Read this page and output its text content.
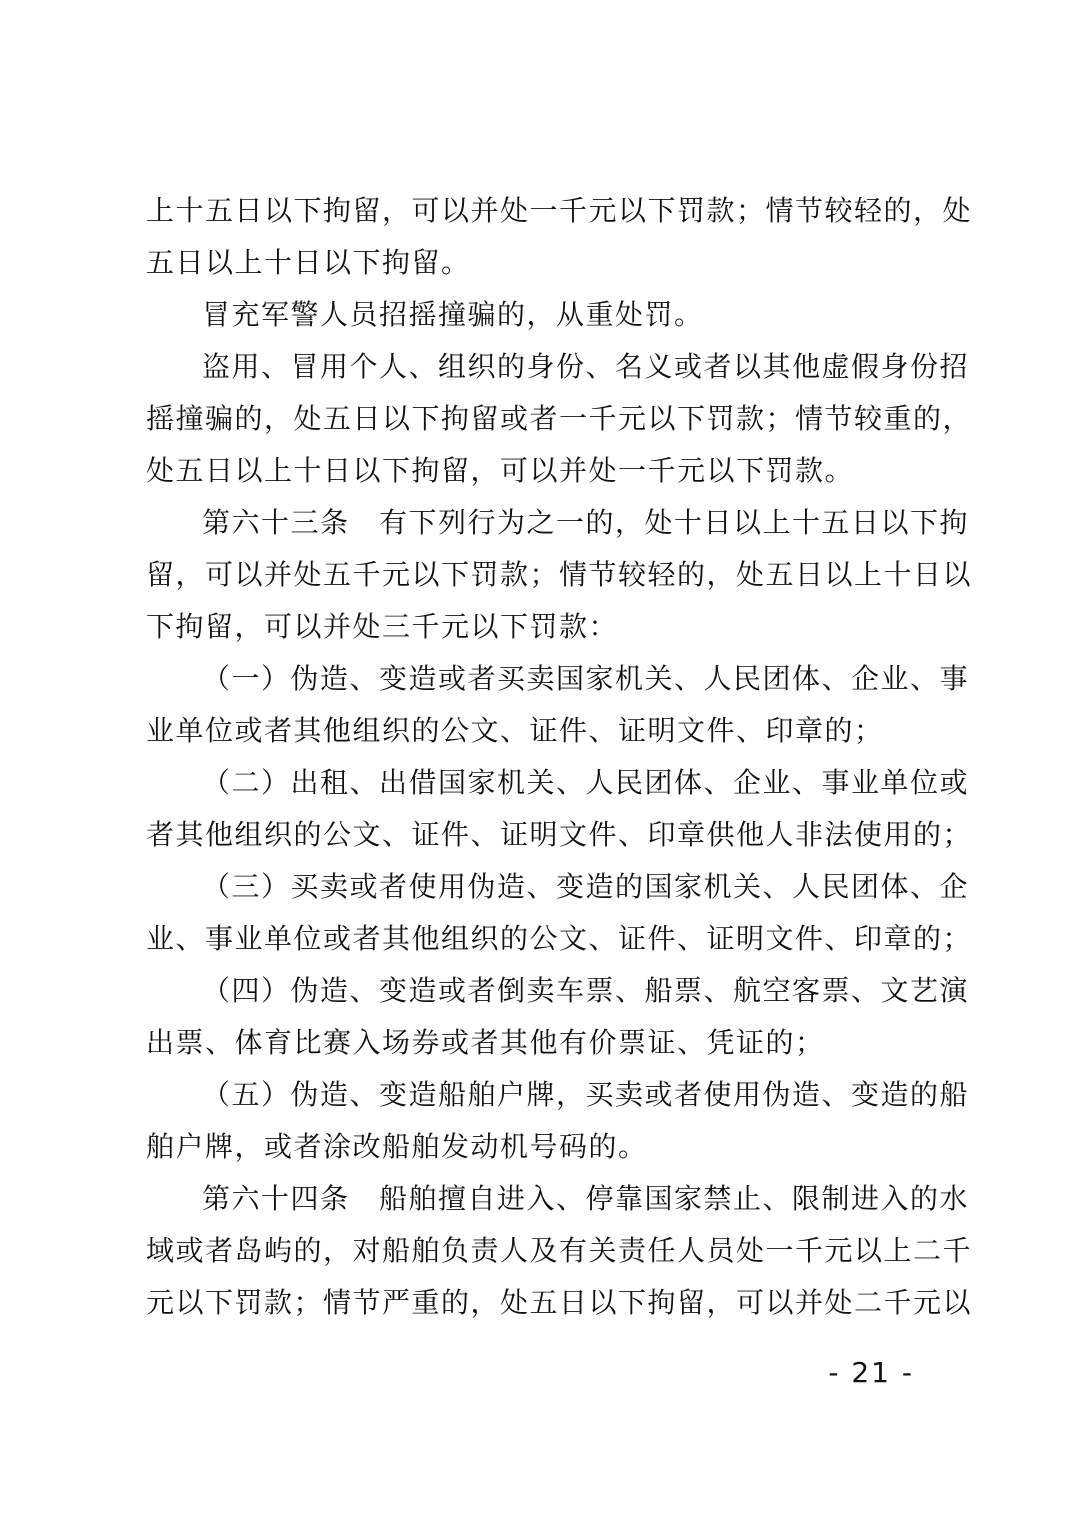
上十五日以下拘留，可以并处一千元以下罚款；情节较轻的，处
五日以上十日以下拘留。
冒充军警人员招摇撞骗的，从重处罚。
盗用、冒用个人、组织的身份、名义或者以其他虚假身份招
摇撞骗的，处五日以下拘留或者一千元以下罚款；情节较重的，
处五日以上十日以下拘留，可以并处一千元以下罚款。
第六十三条　有下列行为之一的，处十日以上十五日以下拘
留，可以并处五千元以下罚款；情节较轻的，处五日以上十日以
下拘留，可以并处三千元以下罚款：
（一）伪造、变造或者买卖国家机关、人民团体、企业、事
业单位或者其他组织的公文、证件、证明文件、印章的；
（二）出租、出借国家机关、人民团体、企业、事业单位或
者其他组织的公文、证件、证明文件、印章供他人非法使用的；
（三）买卖或者使用伪造、变造的国家机关、人民团体、企
业、事业单位或者其他组织的公文、证件、证明文件、印章的；
（四）伪造、变造或者倒卖车票、船票、航空客票、文艺演
出票、体育比赛入场券或者其他有价票证、凭证的；
（五）伪造、变造船舶户牌，买卖或者使用伪造、变造的船
舶户牌，或者涂改船舶发动机号码的。
第六十四条　船舶擅自进入、停靠国家禁止、限制进入的水
域或者岛屿的，对船舶负责人及有关责任人员处一千元以上二千
元以下罚款；情节严重的，处五日以下拘留，可以并处二千元以
- 21 -
